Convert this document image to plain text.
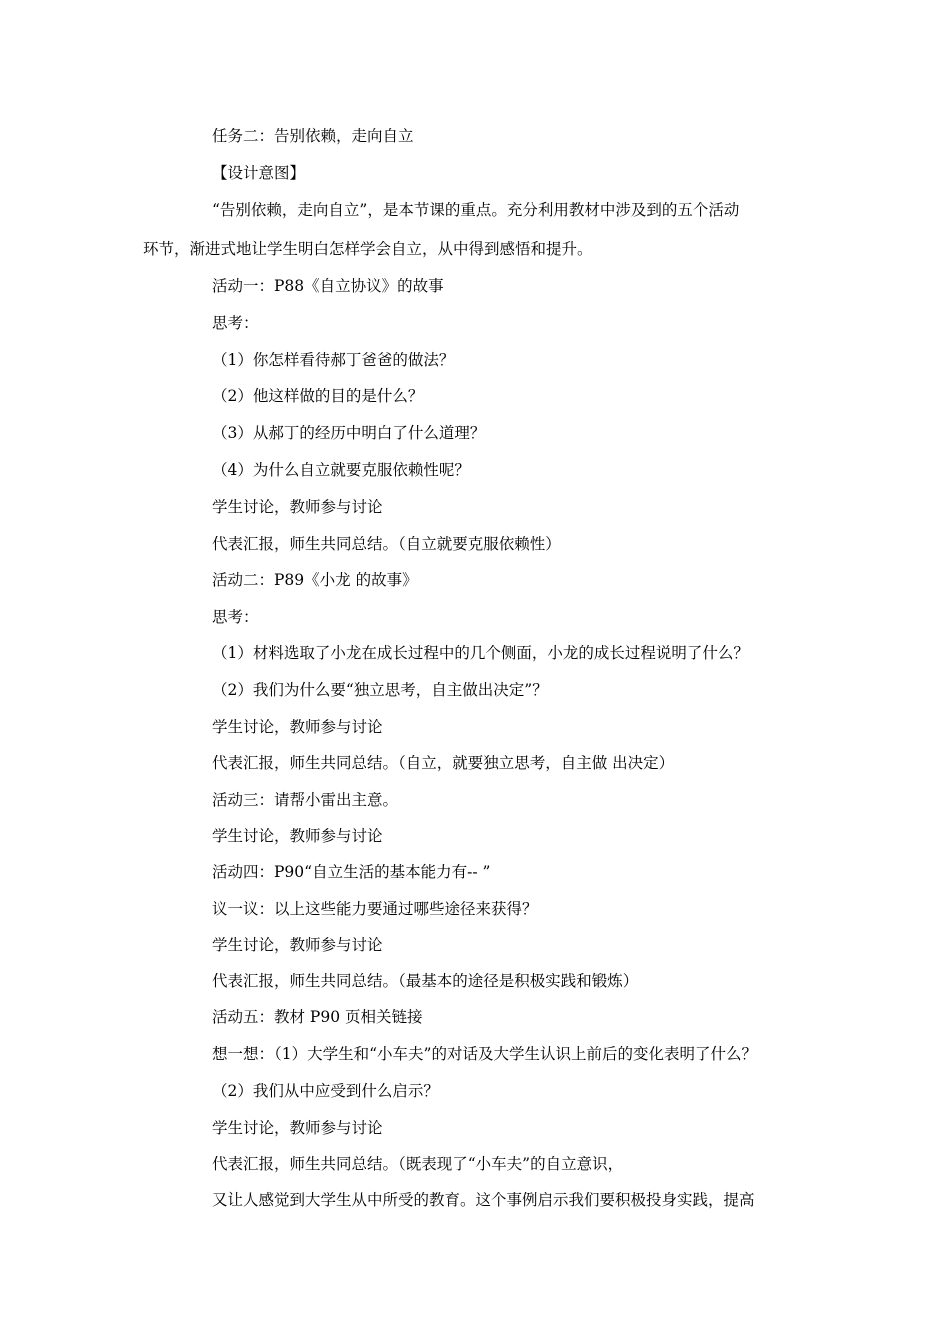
任务二：告别依赖，走向自立
【设计意图】
“告别依赖，走向自立”，是本节课的重点。充分利用教材中涉及到的五个活动
环节，渐进式地让学生明白怎样学会自立，从中得到感悟和提升。
活动一：P88《自立协议》的故事
思考：
（1）你怎样看待郝丁爸爸的做法？
（2）他这样做的目的是什么？
（3）从郝丁的经历中明白了什么道理？
（4）为什么自立就要克服依赖性呢？
学生讨论，教师参与讨论
代表汇报，师生共同总结。（自立就要克服依赖性）
活动二：P89《小龙 的故事》
思考：
（1）材料选取了小龙在成长过程中的几个侧面，小龙的成长过程说明了什么？
（2）我们为什么要“独立思考，自主做出决定”？
学生讨论，教师参与讨论
代表汇报，师生共同总结。（自立，就要独立思考，自主做 出决定）
活动三：请帮小雷出主意。
学生讨论，教师参与讨论
活动四：P90“自立生活的基本能力有-- ”
议一议：以上这些能力要通过哪些途径来获得？
学生讨论，教师参与讨论
代表汇报，师生共同总结。（最基本的途径是积极实践和锻炼）
活动五：教材 P90 页相关链接
想一想：（1）大学生和“小车夫”的对话及大学生认识上前后的变化表明了什么？
（2）我们从中应受到什么启示？
学生讨论，教师参与讨论
代表汇报，师生共同总结。（既表现了“小车夫”的自立意识，
又让人感觉到大学生从中所受的教育。这个事例启示我们要积极投身实践，提高
